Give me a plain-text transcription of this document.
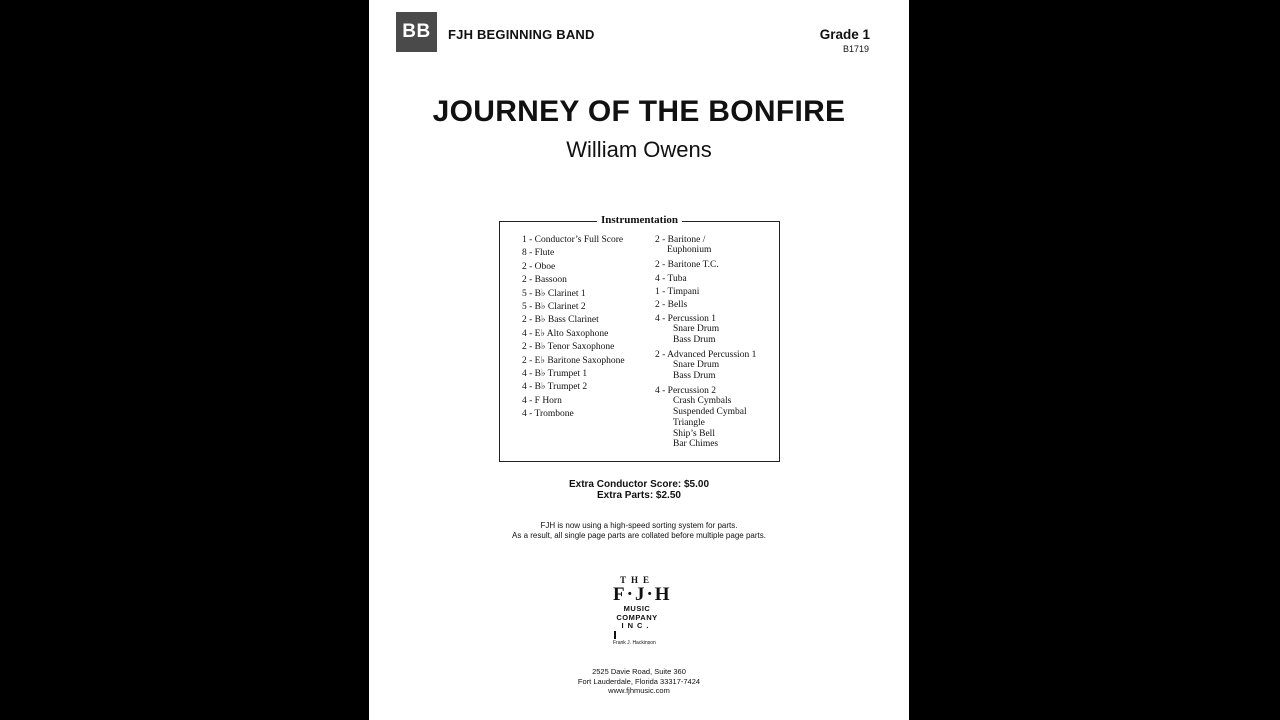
BB	FJH BEGINNING BAND	Grade 1
B1719
JOURNEY OF THE BONFIRE
William Owens
Instrumentation
1 - Conductor’s Full Score
8 - Flute
2 - Oboe
2 - Bassoon
5 - B♭ Clarinet 1
5 - B♭ Clarinet 2
2 - B♭ Bass Clarinet
4 - E♭ Alto Saxophone
2 - B♭ Tenor Saxophone
2 - E♭ Baritone Saxophone
4 - B♭ Trumpet 1
4 - B♭ Trumpet 2
4 - F Horn
4 - Trombone
2 - Baritone /
Euphonium
2 - Baritone T.C.
4 - Tuba
1 - Timpani
2 - Bells
4 - Percussion 1
Snare Drum
Bass Drum
2 - Advanced Percussion 1
Snare Drum
Bass Drum
4 - Percussion 2
Crash Cymbals
Suspended Cymbal
Triangle
Ship’s Bell
Bar Chimes
Extra Conductor Score: $5.00
Extra Parts: $2.50
FJH is now using a high-speed sorting system for parts.
As a result, all single page parts are collated before multiple page parts.
THE
F·J·H
MUSIC
COMPANY
INC.
Frank J. Hackinson
2525 Davie Road, Suite 360
Fort Lauderdale, Florida 33317-7424
www.fjhmusic.com
